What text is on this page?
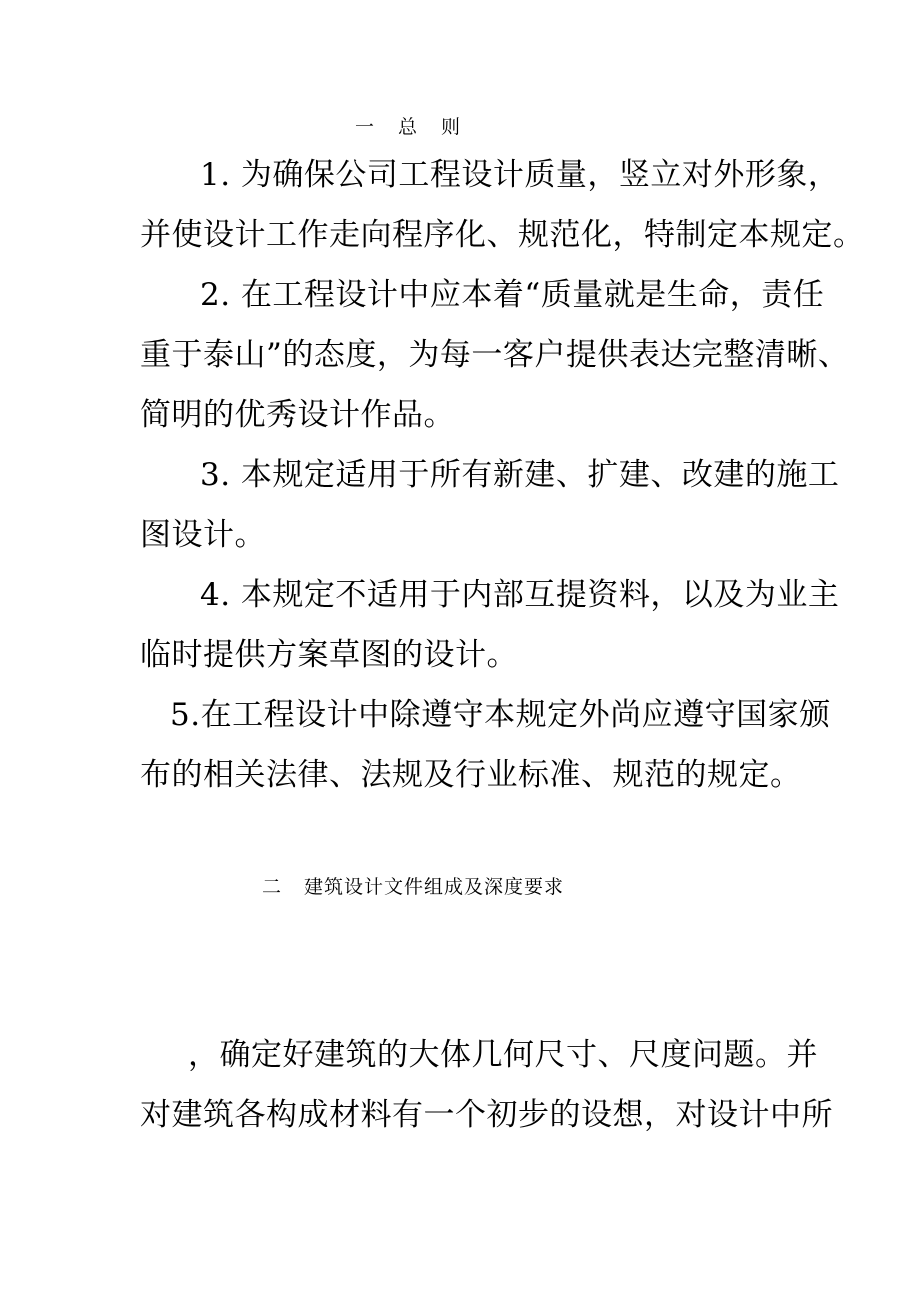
一 总 则
1. 为确保公司工程设计质量，竖立对外形象，
并使设计工作走向程序化、规范化，特制定本规定。
2. 在工程设计中应本着“质量就是生命，责任
重于泰山”的态度，为每一客户提供表达完整清晰、
简明的优秀设计作品。
3. 本规定适用于所有新建、扩建、改建的施工
图设计。
4. 本规定不适用于内部互提资料，以及为业主
临时提供方案草图的设计。
5.在工程设计中除遵守本规定外尚应遵守国家颁
布的相关法律、法规及行业标准、规范的规定。
二 建筑设计文件组成及深度要求
，确定好建筑的大体几何尺寸、尺度问题。并
对建筑各构成材料有一个初步的设想，对设计中所
